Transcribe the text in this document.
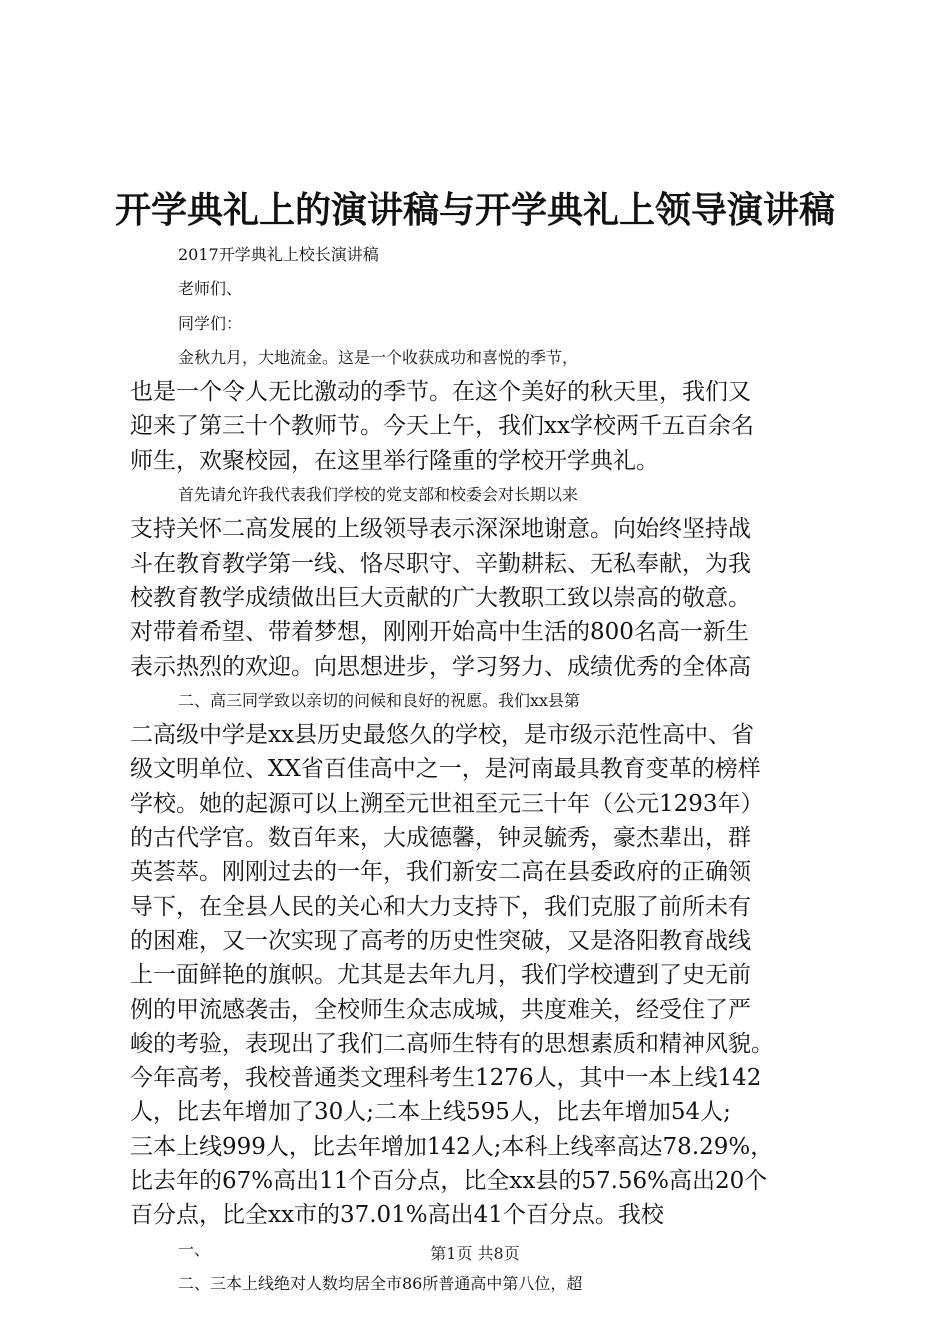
开学典礼上的演讲稿与开学典礼上领导演讲稿
2017开学典礼上校长演讲稿
老师们、
同学们：
金秋九月，大地流金。这是一个收获成功和喜悦的季节，
也是一个令人无比激动的季节。在这个美好的秋天里，我们又
迎来了第三十个教师节。今天上午，我们xx学校两千五百余名
师生，欢聚校园，在这里举行隆重的学校开学典礼。
首先请允许我代表我们学校的党支部和校委会对长期以来
支持关怀二高发展的上级领导表示深深地谢意。向始终坚持战
斗在教育教学第一线、恪尽职守、辛勤耕耘、无私奉献，为我
校教育教学成绩做出巨大贡献的广大教职工致以崇高的敬意。
对带着希望、带着梦想，刚刚开始高中生活的800名高一新生
表示热烈的欢迎。向思想进步，学习努力、成绩优秀的全体高
二、高三同学致以亲切的问候和良好的祝愿。我们xx县第
二高级中学是xx县历史最悠久的学校，是市级示范性高中、省
级文明单位、XX省百佳高中之一，是河南最具教育变革的榜样
学校。她的起源可以上溯至元世祖至元三十年（公元1293年）
的古代学官。数百年来，大成德馨，钟灵毓秀，豪杰辈出，群
英荟萃。刚刚过去的一年，我们新安二高在县委政府的正确领
导下，在全县人民的关心和大力支持下，我们克服了前所未有
的困难，又一次实现了高考的历史性突破，又是洛阳教育战线
上一面鲜艳的旗帜。尤其是去年九月，我们学校遭到了史无前
例的甲流感袭击，全校师生众志成城，共度难关，经受住了严
峻的考验，表现出了我们二高师生特有的思想素质和精神风貌。
今年高考，我校普通类文理科考生1276人，其中一本上线142
人，比去年增加了30人;二本上线595人，比去年增加54人;
三本上线999人，比去年增加142人;本科上线率高达78.29%，
比去年的67%高出11个百分点，比全xx县的57.56%高出20个
百分点，比全xx市的37.01%高出41个百分点。我校
一、
二、三本上线绝对人数均居全市86所普通高中第八位，超
第1页 共8页
